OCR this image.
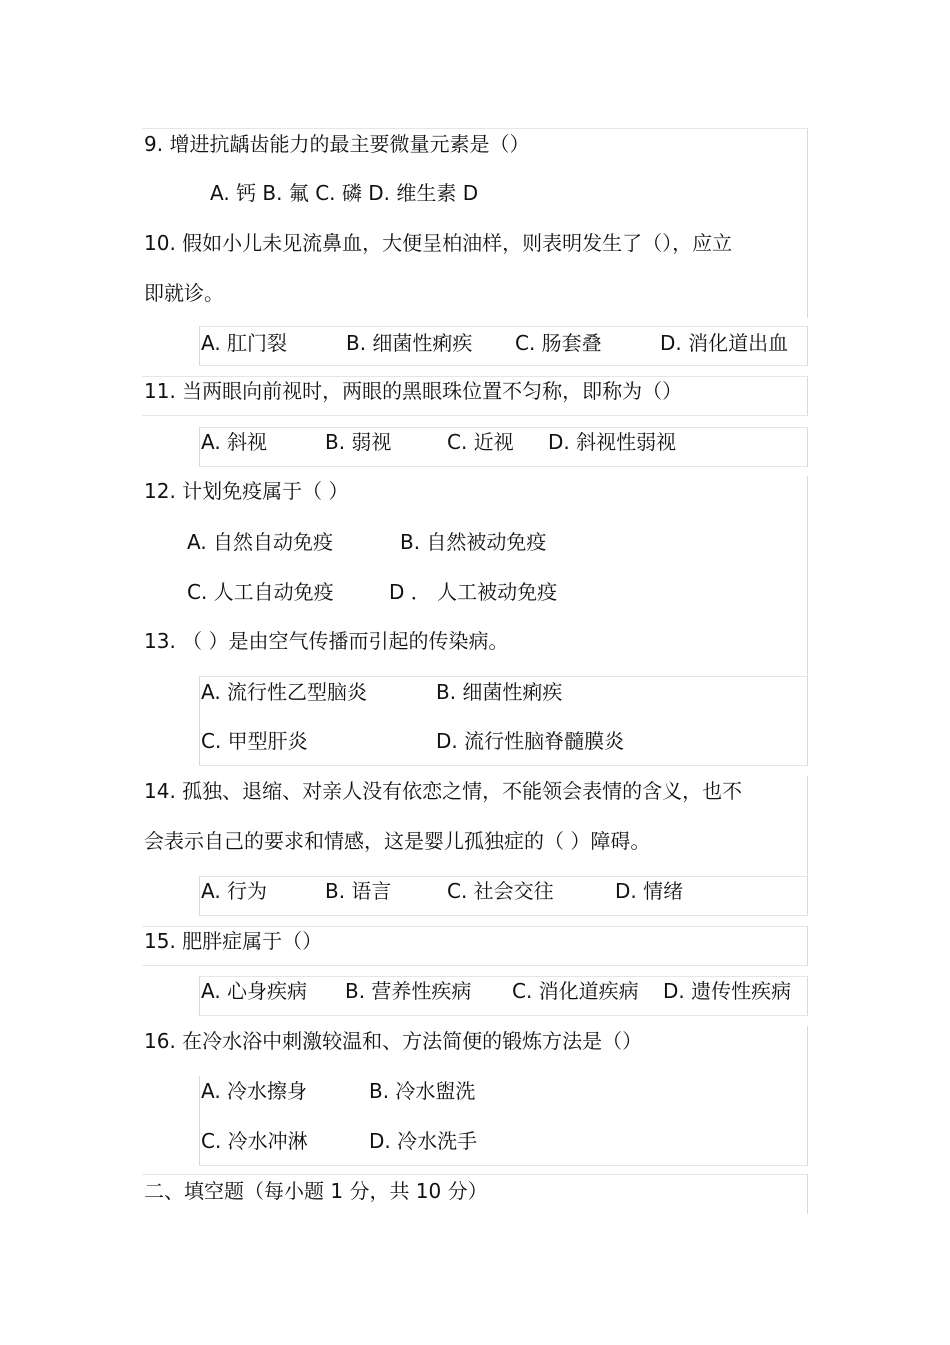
9. 增进抗龋齿能力的最主要微量元素是（）
A. 钙 B. 氟 C. 磷 D. 维生素 D
10. 假如小儿未见流鼻血，大便呈柏油样，则表明发生了（），应立
即就诊。
A. 肛门裂	B. 细菌性痢疾 C. 肠套叠	D. 消化道出血
11. 当两眼向前视时，两眼的黑眼珠位置不匀称，即称为（）
A. 斜视	B. 弱视	C. 近视 D. 斜视性弱视
12. 计划免疫属于（ ）
A. 自然自动免疫	B. 自然被动免疫
C. 人工自动免疫	D ． 人工被动免疫
13. （ ）是由空气传播而引起的传染病。
A. 流行性乙型脑炎	B. 细菌性痢疾
C. 甲型肝炎	D. 流行性脑脊髓膜炎
14. 孤独、退缩、对亲人没有依恋之情，不能领会表情的含义，也不
会表示自己的要求和情感，这是婴儿孤独症的（ ）障碍。
A. 行为	B. 语言	C. 社会交往	D. 情绪
15. 肥胖症属于（）
A. 心身疾病 B. 营养性疾病 C. 消化道疾病 D. 遗传性疾病
16. 在冷水浴中刺激较温和、方法简便的锻炼方法是（）
A. 冷水擦身	B. 冷水盥洗
C. 冷水冲淋	D. 冷水洗手
二、填空题（每小题 1 分，共 10 分）
